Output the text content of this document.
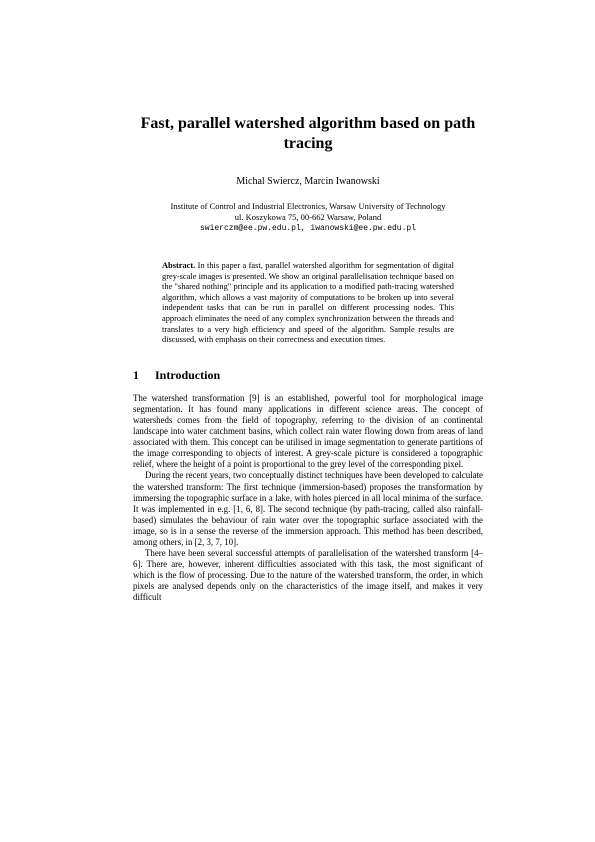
Fast, parallel watershed algorithm based on path tracing
Michal Swiercz, Marcin Iwanowski
Institute of Control and Industrial Electronics, Warsaw University of Technology
ul. Koszykowa 75, 00-662 Warsaw, Poland
swierczm@ee.pw.edu.pl, iwanowski@ee.pw.edu.pl
Abstract. In this paper a fast, parallel watershed algorithm for segmentation of digital grey-scale images is presented. We show an original parallelisation technique based on the "shared nothing" principle and its application to a modified path-tracing watershed algorithm, which allows a vast majority of computations to be broken up into several independent tasks that can be run in parallel on different processing nodes. This approach eliminates the need of any complex synchronization between the threads and translates to a very high efficiency and speed of the algorithm. Sample results are discussed, with emphasis on their correctness and execution times.
1 Introduction

The watershed transformation [9] is an established, powerful tool for morphological image segmentation. It has found many applications in different science areas. The concept of watersheds comes from the field of topography, referring to the division of an continental landscape into water catchment basins, which collect rain water flowing down from areas of land associated with them. This concept can be utilised in image segmentation to generate partitions of the image corresponding to objects of interest. A grey-scale picture is considered a topographic relief, where the height of a point is proportional to the grey level of the corresponding pixel.

During the recent years, two conceptually distinct techniques have been developed to calculate the watershed transform: The first technique (immersion-based) proposes the transformation by immersing the topographic surface in a lake, with holes pierced in all local minima of the surface. It was implemented in e.g. [1, 6, 8]. The second technique (by path-tracing, called also rainfall-based) simulates the behaviour of rain water over the topographic surface associated with the image, so is in a sense the reverse of the immersion approach. This method has been described, among others, in [2, 3, 7, 10].

There have been several successful attempts of parallelisation of the watershed transform [4–6]. There are, however, inherent difficulties associated with this task, the most significant of which is the flow of processing. Due to the nature of the watershed transform, the order, in which pixels are analysed depends only on the characteristics of the image itself, and makes it very difficult
